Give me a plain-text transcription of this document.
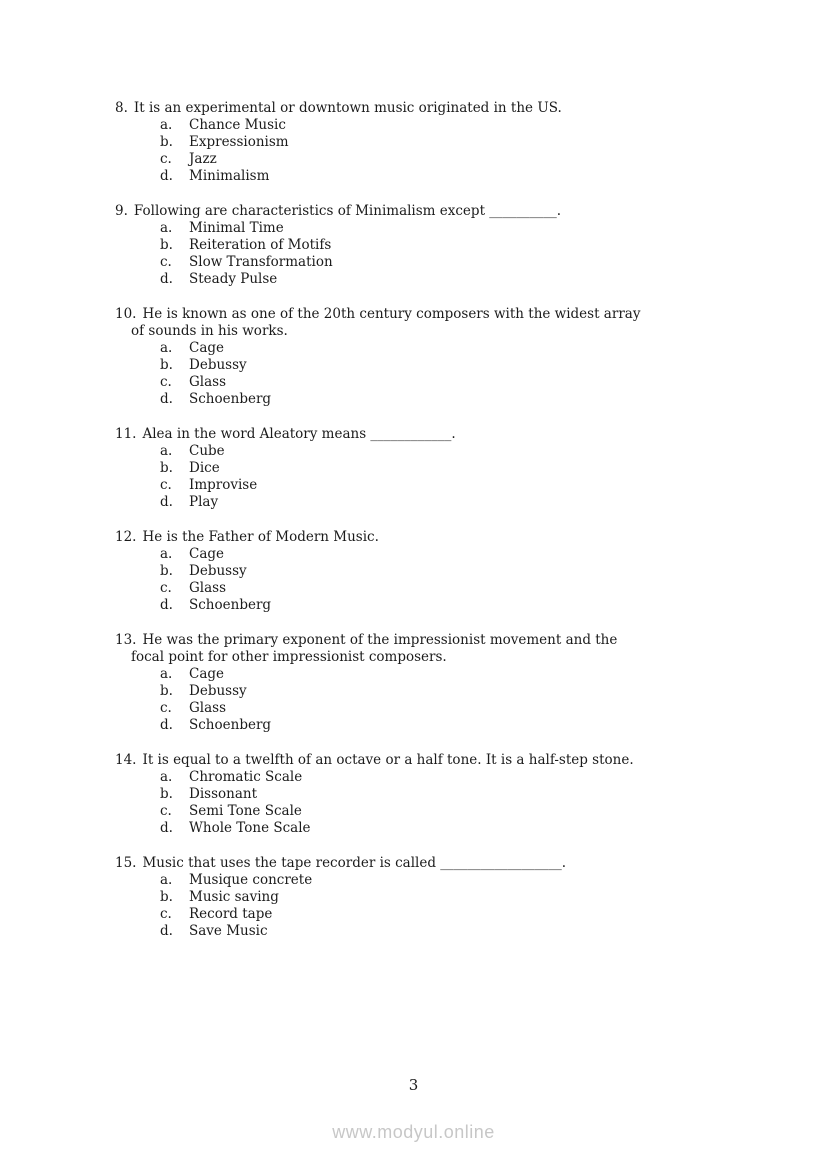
8. It is an experimental or downtown music originated in the US.
a. Chance Music
b. Expressionism
c. Jazz
d. Minimalism
9. Following are characteristics of Minimalism except __________.
a. Minimal Time
b. Reiteration of Motifs
c. Slow Transformation
d. Steady Pulse
10. He is known as one of the 20th century composers with the widest array
of sounds in his works.
a. Cage
b. Debussy
c. Glass
d. Schoenberg
11. Alea in the word Aleatory means ____________.
a. Cube
b. Dice
c. Improvise
d. Play
12. He is the Father of Modern Music.
a. Cage
b. Debussy
c. Glass
d. Schoenberg
13. He was the primary exponent of the impressionist movement and the
focal point for other impressionist composers.
a. Cage
b. Debussy
c. Glass
d. Schoenberg
14. It is equal to a twelfth of an octave or a half tone. It is a half-step stone.
a. Chromatic Scale
b. Dissonant
c. Semi Tone Scale
d. Whole Tone Scale
15. Music that uses the tape recorder is called __________________.
a. Musique concrete
b. Music saving
c. Record tape
d. Save Music
3
www.modyul.online
